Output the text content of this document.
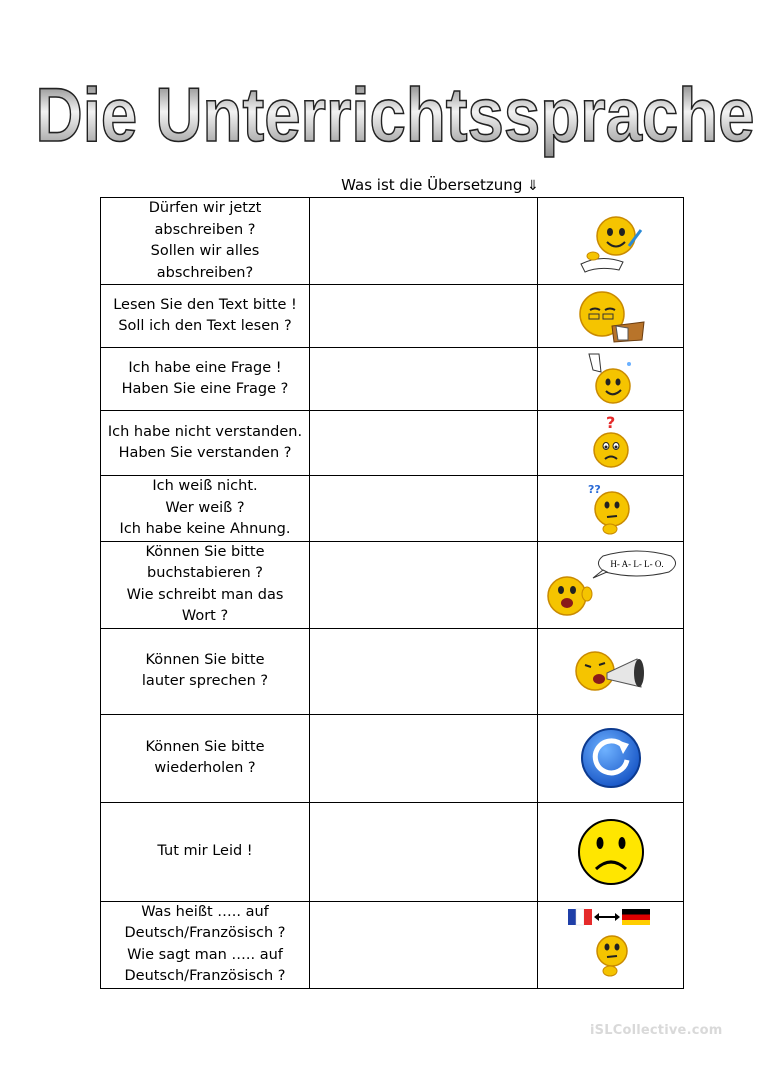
Die Unterrichtssprache
Was ist die Übersetzung ⇓
Dürfen wir jetzt
abschreiben ?
Sollen wir alles
abschreiben?

Lesen Sie den Text bitte !
Soll ich den Text lesen ?

Ich habe eine Frage !
Haben Sie eine Frage ?

Ich habe nicht verstanden.
Haben Sie verstanden ?		?

Ich weiß nicht.
Wer weiß ?
Ich habe keine Ahnung.		??

Können Sie bitte
buchstabieren ?
Wie schreibt man das
Wort ?		H- A- L- L- O.

Können Sie bitte
lauter sprechen ?

Können Sie bitte
wiederholen ?

Tut mir Leid !

Was heißt ….. auf
Deutsch/Französisch ?
Wie sagt man ….. auf
Deutsch/Französisch ?

iSLCollective.com
